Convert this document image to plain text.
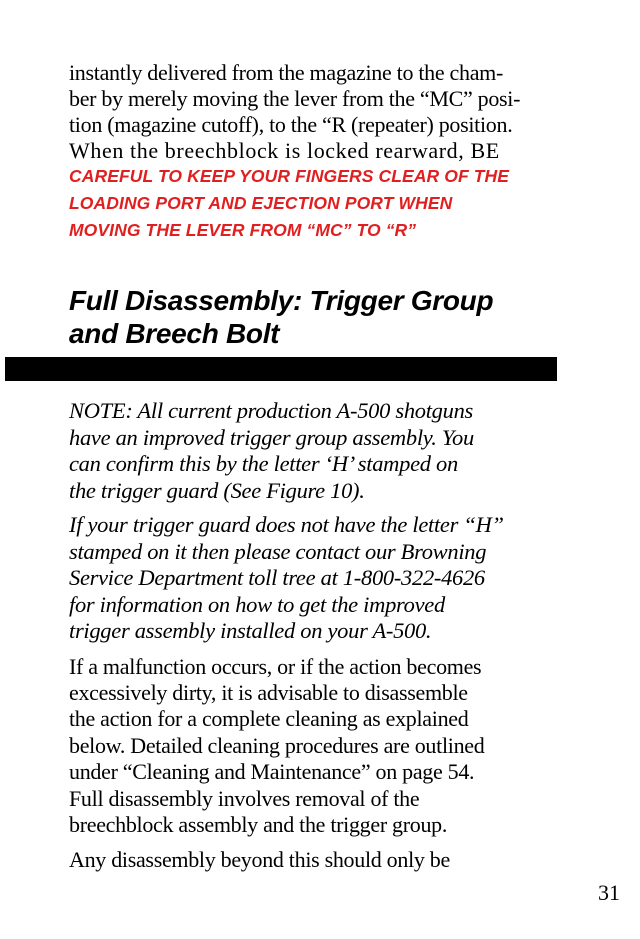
instantly delivered from the magazine to the cham-
ber by merely moving the lever from the “MC” posi-
tion (magazine cutoff), to the “R (repeater) position.
When the breechblock is locked rearward, BE
CAREFUL TO KEEP YOUR FINGERS CLEAR OF THE
LOADING PORT AND EJECTION PORT WHEN
MOVING THE LEVER FROM “MC” TO “R”
Full Disassembly: Trigger Group
and Breech Bolt
NOTE: All current production A-500 shotguns
have an improved trigger group assembly. You
can confirm this by the letter ‘H’ stamped on
the trigger guard (See Figure 10).
If your trigger guard does not have the letter “H”
stamped on it then please contact our Browning
Service Department toll tree at 1-800-322-4626
for information on how to get the improved
trigger assembly installed on your A-500.
If a malfunction occurs, or if the action becomes
excessively dirty, it is advisable to disassemble
the action for a complete cleaning as explained
below. Detailed cleaning procedures are outlined
under “Cleaning and Maintenance” on page 54.
Full disassembly involves removal of the
breechblock assembly and the trigger group.
Any disassembly beyond this should only be
31
